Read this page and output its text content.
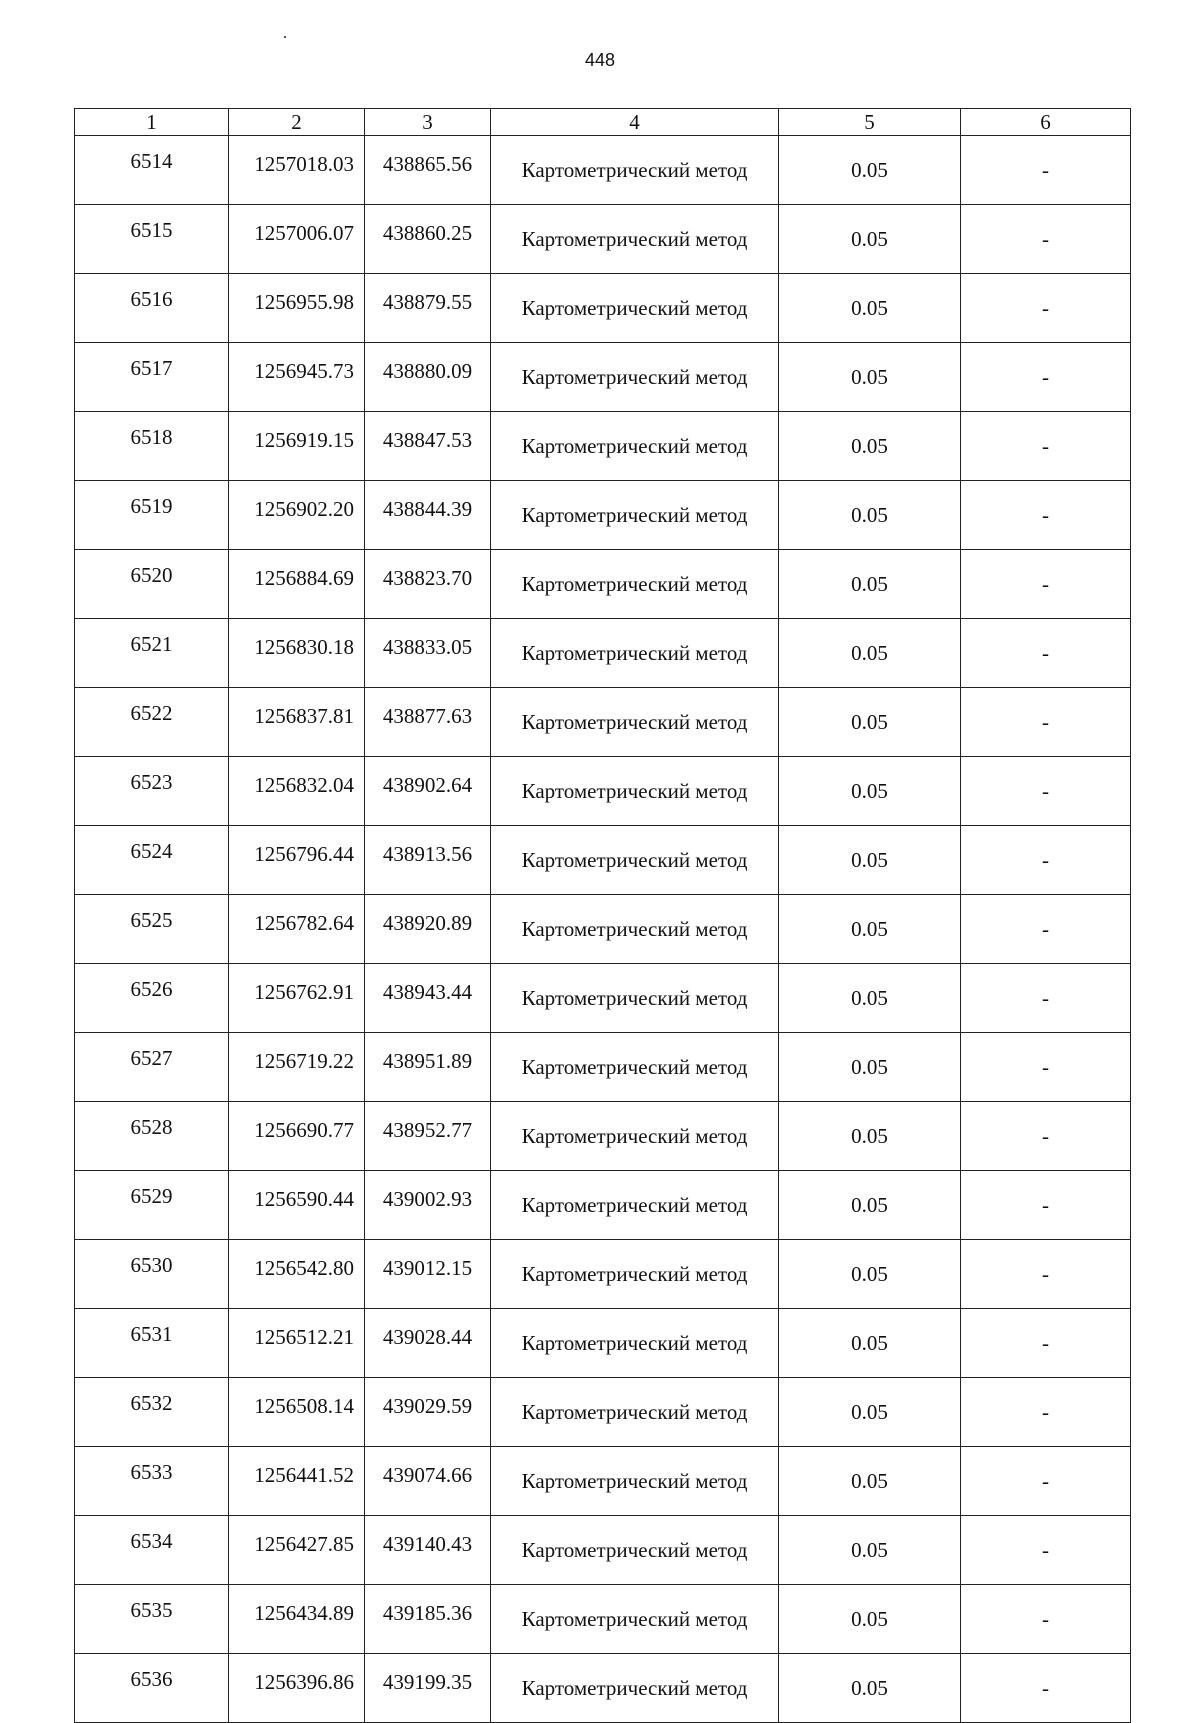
448
1	2	3	4	5	6
6514	1257018.03	438865.56	Картометрический метод	0.05	-
6515	1257006.07	438860.25	Картометрический метод	0.05	-
6516	1256955.98	438879.55	Картометрический метод	0.05	-
6517	1256945.73	438880.09	Картометрический метод	0.05	-
6518	1256919.15	438847.53	Картометрический метод	0.05	-
6519	1256902.20	438844.39	Картометрический метод	0.05	-
6520	1256884.69	438823.70	Картометрический метод	0.05	-
6521	1256830.18	438833.05	Картометрический метод	0.05	-
6522	1256837.81	438877.63	Картометрический метод	0.05	-
6523	1256832.04	438902.64	Картометрический метод	0.05	-
6524	1256796.44	438913.56	Картометрический метод	0.05	-
6525	1256782.64	438920.89	Картометрический метод	0.05	-
6526	1256762.91	438943.44	Картометрический метод	0.05	-
6527	1256719.22	438951.89	Картометрический метод	0.05	-
6528	1256690.77	438952.77	Картометрический метод	0.05	-
6529	1256590.44	439002.93	Картометрический метод	0.05	-
6530	1256542.80	439012.15	Картометрический метод	0.05	-
6531	1256512.21	439028.44	Картометрический метод	0.05	-
6532	1256508.14	439029.59	Картометрический метод	0.05	-
6533	1256441.52	439074.66	Картометрический метод	0.05	-
6534	1256427.85	439140.43	Картометрический метод	0.05	-
6535	1256434.89	439185.36	Картометрический метод	0.05	-
6536	1256396.86	439199.35	Картометрический метод	0.05	-
